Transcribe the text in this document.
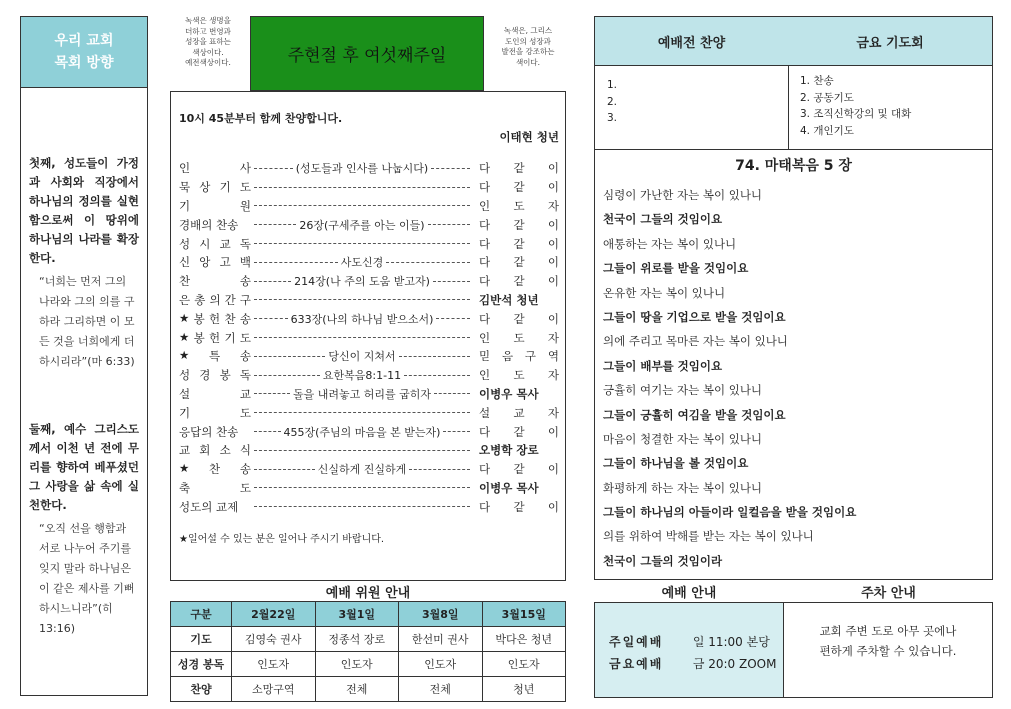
우리 교회
목회 방향
첫째, 성도들이 가정과 사회와 직장에서 하나님의 정의를 실현함으로써 이 땅위에 하나님의 나라를 확장한다.
“너희는 먼저 그의 나라와 그의 의를 구하라 그리하면 이 모든 것을 너희에게 더하시리라”(마 6:33)
둘째, 예수 그리스도께서 이천 년 전에 무리를 향하여 베푸셨던 그 사랑을 삶 속에 실천한다.
“오직 선을 행함과 서로 나누어 주기를 잊지 말라 하나님은 이 같은 제사를 기뻐하시느니라”(히 13:16)
녹색은 생명을
더하고 번영과
성장을 표하는
색상이다.
예전색상이다.	주현절 후 여섯째주일
녹색은, 그리스
도인의 성장과
발전을 강조하는
색이다.
10시 45분부터 함께 찬양합니다.
이태현 청년
인	사	(성도들과 인사를 나눕시다)	다 같 이
묵 상 기 도	다 같 이
기	원	인 도 자
경배의 찬송	26장(구세주를 아는 이들)	다 같 이
성 시 교 독	다 같 이
신 앙 고 백	사도신경	다 같 이
찬	송	214장(나 주의 도움 받고자)	다 같 이
은 총 의 간 구	김반석 청년
★ 봉 헌 찬 송	633장(나의 하나님 받으소서)	다 같 이
★ 봉 헌 기 도	인 도 자
★ 특 송	당신이 지쳐서	믿 음 구 역
성 경 봉 독	요한복음8:1-11	인 도 자
설	교	돌을 내려놓고 허리를 굽히자	이병우 목사
기	도	설 교 자
응답의 찬송	455장(주님의 마음을 본 받는자)	다 같 이
교 회 소 식	오병학 장로
★ 찬 송	신실하게 진실하게	다 같 이
축	도	이병우 목사
성도의 교제	다 같 이
★일어설 수 있는 분은 일어나 주시기 바랍니다.
예배 위원 안내
구분	2월22일	3월1일	3월8일	3월15일
기도	김영숙 권사	정종석 장로	한선미 권사	박다은 청년
성경 봉독	인도자	인도자	인도자	인도자
찬양	소망구역	전체	전체	청년
예배전 찬양	금요 기도회
1.
2.
3.
1. 찬송
2. 공동기도
3. 조직신학강의 및 대화
4. 개인기도
74. 마태복음 5 장
심령이 가난한 자는 복이 있나니
천국이 그들의 것임이요
애통하는 자는 복이 있나니
그들이 위로를 받을 것임이요
온유한 자는 복이 있나니
그들이 땅을 기업으로 받을 것임이요
의에 주리고 목마른 자는 복이 있나니
그들이 배부를 것임이요
긍휼히 여기는 자는 복이 있나니
그들이 긍휼히 여김을 받을 것임이요
마음이 청결한 자는 복이 있나니
그들이 하나님을 볼 것임이요
화평하게 하는 자는 복이 있나니
그들이 하나님의 아들이라 일컬음을 받을 것임이요
의를 위하여 박해를 받는 자는 복이 있나니
천국이 그들의 것임이라
예배 안내	주차 안내
주일예배 일 11:00 본당
금요예배 금 20:0 ZOOM
교회 주변 도로 아무 곳에나
편하게 주차할 수 있습니다.
